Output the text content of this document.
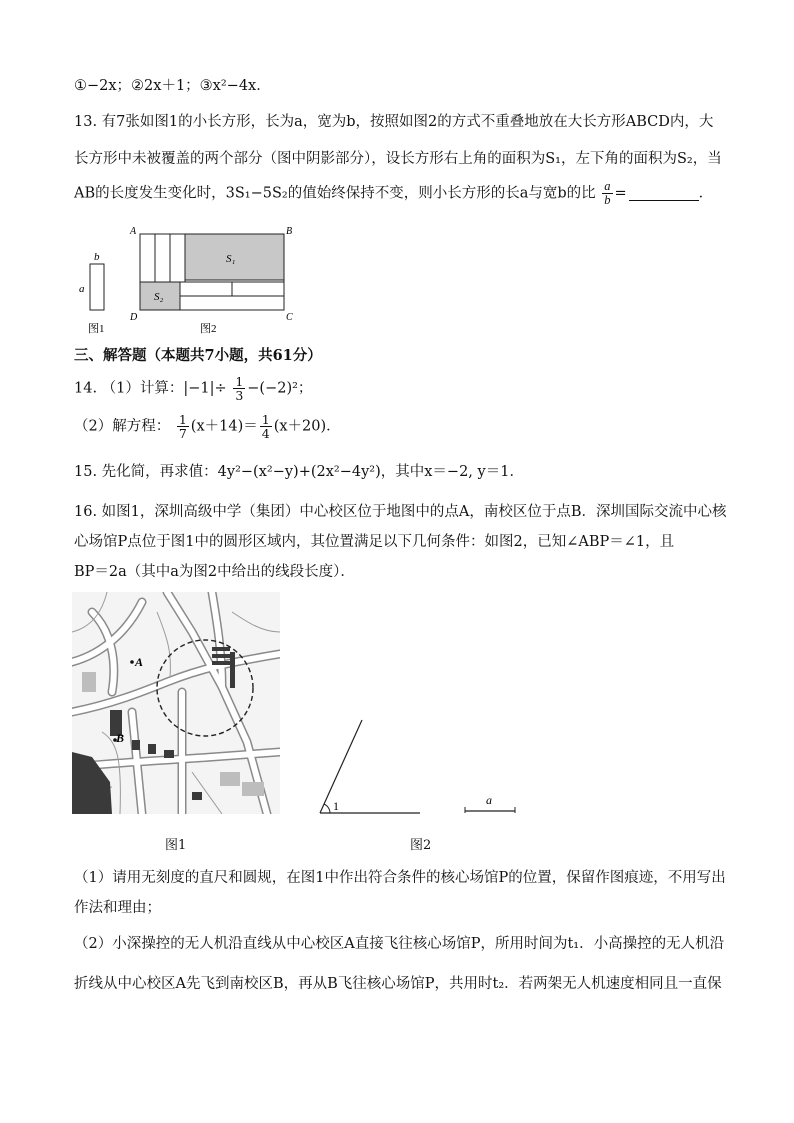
①−2x；②2x＋1；③x²−4x．
13. 有7张如图1的小长方形，长为a，宽为b，按照如图2的方式不重叠地放在大长方形ABCD内，大
长方形中未被覆盖的两个部分（图中阴影部分），设长方形右上角的面积为S₁，左下角的面积为S₂，当
AB的长度发生变化时，3S₁−5S₂的值始终保持不变，则小长方形的长a与宽b的比 $\frac{a}{b}$ =	．
b
a
图1
S₁
S₂
A	B
D	C
图2
三、解答题（本题共7小题，共61分）
14. （1）计算：$|-1|\div \frac{1}{3} -(-2)^2$；
（2）解方程： $\frac{1}{7} (x+14)= \frac{1}{4} (x+20)$．
15. 先化简，再求值：4y²−(x²−y)+(2x²−4y²)，其中x＝−2, y＝1．
16. 如图1，深圳高级中学（集团）中心校区位于地图中的点A，南校区位于点B．深圳国际交流中心核
心场馆P点位于图1中的圆形区域内，其位置满足以下几何条件：如图2，已知∠ABP＝∠1，且
BP＝2a（其中a为图2中给出的线段长度）．
A
B
图1
1	a
图2
（1）请用无刻度的直尺和圆规，在图1中作出符合条件的核心场馆P的位置，保留作图痕迹，不用写出
作法和理由；
（2）小深操控的无人机沿直线从中心校区A直接飞往核心场馆P，所用时间为t₁．小高操控的无人机沿
折线从中心校区A先飞到南校区B，再从B飞往核心场馆P，共用时t₂．若两架无人机速度相同且一直保
